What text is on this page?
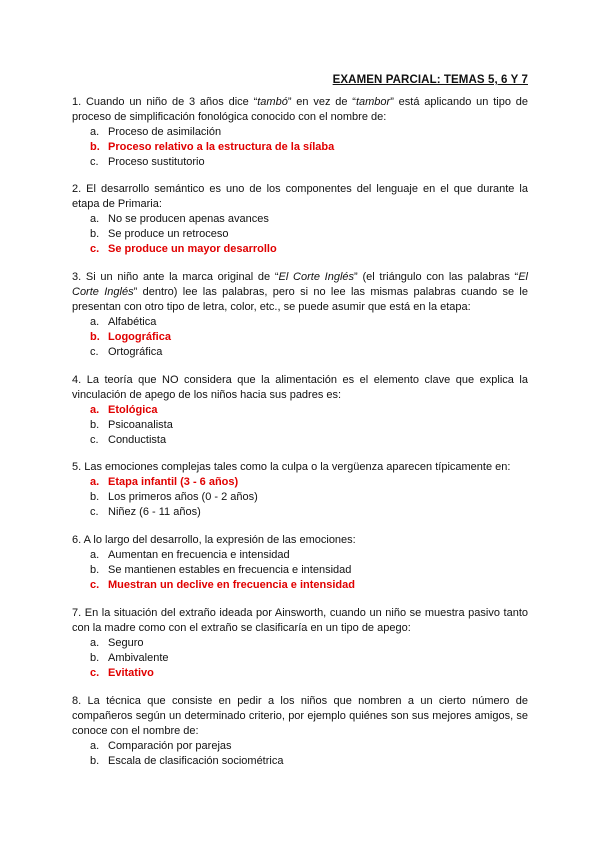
EXAMEN PARCIAL: TEMAS 5, 6 Y 7
1. Cuando un niño de 3 años dice “tambó” en vez de “tambor” está aplicando un tipo de proceso de simplificación fonológica conocido con el nombre de:
a. Proceso de asimilación
b. Proceso relativo a la estructura de la sílaba
c. Proceso sustitutorio
2. El desarrollo semántico es uno de los componentes del lenguaje en el que durante la etapa de Primaria:
a. No se producen apenas avances
b. Se produce un retroceso
c. Se produce un mayor desarrollo
3. Si un niño ante la marca original de “El Corte Inglés” (el triángulo con las palabras “El Corte Inglés” dentro) lee las palabras, pero si no lee las mismas palabras cuando se le presentan con otro tipo de letra, color, etc., se puede asumir que está en la etapa:
a. Alfabética
b. Logográfica
c. Ortográfica
4. La teoría que NO considera que la alimentación es el elemento clave que explica la vinculación de apego de los niños hacia sus padres es:
a. Etológica
b. Psicoanalista
c. Conductista
5. Las emociones complejas tales como la culpa o la vergüenza aparecen típicamente en:
a. Etapa infantil (3 - 6 años)
b. Los primeros años (0 - 2 años)
c. Niñez (6 - 11 años)
6. A lo largo del desarrollo, la expresión de las emociones:
a. Aumentan en frecuencia e intensidad
b. Se mantienen estables en frecuencia e intensidad
c. Muestran un declive en frecuencia e intensidad
7. En la situación del extraño ideada por Ainsworth, cuando un niño se muestra pasivo tanto con la madre como con el extraño se clasificaría en un tipo de apego:
a. Seguro
b. Ambivalente
c. Evitativo
8. La técnica que consiste en pedir a los niños que nombren a un cierto número de compañeros según un determinado criterio, por ejemplo quiénes son sus mejores amigos, se conoce con el nombre de:
a. Comparación por parejas
b. Escala de clasificación sociométrica
